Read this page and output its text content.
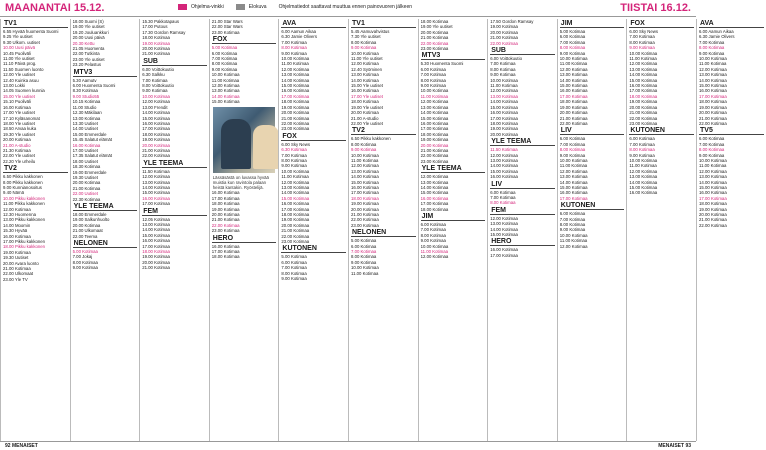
MAANANTAI 15.12.	Ohjelma-vinkki	Elokuva Ohjelmatiedot saattavat muuttua ennen painovuoren jälkeen	TIISTAI 16.12.
TV1
6.55 Hyvää huomenta Suomi
9.25 Yle uutiset
9.30 Ulkom. uutiset
10.00 Uusi päivä
10.45 Puoliväli
11.00 Yle uutiset
11.10 Päivä prog.
11.50 Suomen luonto
12.00 Yle uutiset
12.40 Kuinka asuu
13.00 Lokki
14.05 Suomen kunnia
15.00 Yle uutiset
15.10 Puoliväli
16.00 Kotimaa
17.00 Yle uutiset
17.10 Kyläsanomat
18.00 Yle uutiset
18.50 Arvaa kuka
19.30 Yle uutiset
20.00 Kotimaa
21.00 A-studio
21.30 Kotimaa
22.00 Yle uutiset
22.20 Yle urheilu
TV2
6.50 Pikku kakkonen
8.00 Pikku kakkonen
9.00 Kunnianosoitus
9.40 Nämä
10.00 Pikku kakkonen
11.00 Pikku kakkonen
12.00 Kotimaa
12.30 Huomenna
13.00 Pikku kakkonen
14.00 Moomin
15.30 Hyvää
16.00 Kotimaa
17.00 Pikku kakkonen
18.00 Pikku kakkonen
19.00 Kotimaa
19.30 Uutiset
20.00 Avara luonto
21.00 Kotimaa
22.00 Ulkomaat
23.00 Yle TV
18.00 Suomi (S)
19.00 Yle uutiset
19.20 Jouluankkuri
20.00 Uusi päivä
20.30 Kettu
21.05 Huomenta
22.00 Tutkinta
23.00 Yle uutiset
23.20 Pelastus
MTV3
5.30 Aamutv
6.00 Huomenta Suomi
8.30 Kotimaa
9.00 Studio55
10.15 Kotimaa
11.00 Studio
12.30 Mäkilaan
13.00 Kotimaa
13.30 Uutiset
14.00 Uutiset
15.00 Emmerdale
15.45 Salatut elämät
16.00 Kotimaa
17.00 Uutiset
17.35 Salatut elämät
18.00 Uutiset
18.30 Kotimaa
19.00 Emmerdale
19.30 Uutiset
20.00 Kotimaa
21.00 Kotimaa
22.00 Uutiset
22.30 Kotimaa
YLE TEEMA
18.00 Emmerdale
19.00 Salkunhuolto
20.00 Kotimaa
21.00 Ulkomaat
22.00 Teema
NELONEN
5.00 Kotimaa
7.00 Jokaj
8.00 Kotimaa
9.00 Kotimaa
15.30 Pakkotapaus
17.00 Putous
17.30 Gordon Ramsay
18.00 Kotimaa
19.00 Kotimaa
20.00 Kotimaa
21.00 Kotimaa
SUB
6.00 Voittokuutio
6.30 Salkku
7.00 Kotimaa
8.00 Voittokuutio
9.00 Kotimaa
10.00 Kotimaa
12.00 Kotimaa
13.00 Frendit
14.00 Kotimaa
15.00 Kotimaa
16.00 Kotimaa
17.00 Kotimaa
18.00 Kotimaa
19.00 Kotimaa
20.00 Kotimaa
21.00 Kotimaa
22.00 Kotimaa
YLE TEEMA
11.50 Kotimaa
12.00 Kotimaa
13.00 Kotimaa
14.00 Kotimaa
15.00 Kotimaa
16.00 Kotimaa
17.00 Kotimaa
FEM
12.05 Kotimaa
13.00 Kotimaa
14.00 Kotimaa
15.00 Kotimaa
16.00 Kotimaa
17.00 Kotimaa
18.00 Kotimaa
19.00 Kotimaa
20.00 Kotimaa
21.00 Kotimaa
21.00 Star Wars
22.00 Star Wars
23.00 Kotimaa
FOX
5.00 Kotimaa
6.00 Kotimaa
7.00 Kotimaa
8.00 Kotimaa
9.00 Kotimaa
10.00 Kotimaa
11.00 Kotimaa
12.00 Kotimaa
13.00 Kotimaa
14.00 Kotimaa
15.00 Kotimaa
Lässäsästä on luvassa hyvää muistia kun ravintola palaan heistä kantakin. Ryöstelijä.
16.00 Kotimaa
17.00 Kotimaa
18.00 Kotimaa
19.00 Kotimaa
20.00 Kotimaa
21.00 Kotimaa
22.00 Kotimaa
23.00 Kotimaa
HERO
16.00 Kotimaa
17.00 Kotimaa
18.00 Kotimaa
AVA
6.00 Aamun Aikaa
6.30 Jamie Olivers
7.00 Kotimaa
8.00 Kotimaa
9.00 Kotimaa
10.00 Kotimaa
11.00 Kotimaa
12.00 Kotimaa
13.00 Kotimaa
14.00 Kotimaa
15.00 Kotimaa
16.00 Kotimaa
17.00 Kotimaa
18.00 Kotimaa
19.00 Kotimaa
20.00 Kotimaa
21.00 Kotimaa
22.00 Kotimaa
23.00 Kotimaa
FOX
6.00 Sky News
6.30 Kotimaa
7.00 Kotimaa
8.00 Kotimaa
9.00 Kotimaa
10.00 Kotimaa
11.00 Kotimaa
12.00 Kotimaa
13.00 Kotimaa
14.00 Kotimaa
15.00 Kotimaa
16.00 Kotimaa
17.00 Kotimaa
18.00 Kotimaa
19.00 Kotimaa
20.00 Kotimaa
21.00 Kotimaa
22.00 Kotimaa
23.00 Kotimaa
KUTONEN
5.00 Kotimaa
6.00 Kotimaa
7.00 Kotimaa
8.00 Kotimaa
9.00 Kotimaa
TV1
5.45 Aamuvahvistus
7.30 Yle uutiset
8.00 Kotimaa
9.00 Kotimaa
10.00 Kotimaa
11.00 Yle uutiset
12.00 Kotimaa
12.40 Syöminen
13.00 Kotimaa
14.00 Kotimaa
15.00 Yle uutiset
16.00 Kotimaa
17.00 Yle uutiset
18.00 Kotimaa
19.00 Yle uutiset
20.00 Kotimaa
21.00 A-studio
22.00 Yle uutiset
TV2
6.50 Pikku kakkonen
8.00 Kotimaa
9.00 Kotimaa
10.00 Kotimaa
11.00 Kotimaa
12.00 Kotimaa
13.00 Kotimaa
14.00 Kotimaa
15.00 Kotimaa
16.00 Kotimaa
17.00 Kotimaa
18.00 Kotimaa
19.00 Kotimaa
20.00 Kotimaa
21.00 Kotimaa
22.00 Kotimaa
23.00 Kotimaa
NELONEN
5.00 Kotimaa
6.00 Kotimaa
7.00 Kotimaa
8.00 Kotimaa
9.00 Kotimaa
10.00 Kotimaa
11.00 Kotimaa
18.00 Kotimaa
19.00 Yle uutiset
20.00 Kotimaa
21.00 Kotimaa
22.00 Kotimaa
23.00 Kotimaa
MTV3
5.30 Huomenta Suomi
6.00 Kotimaa
7.00 Kotimaa
8.00 Kotimaa
9.00 Kotimaa
10.00 Kotimaa
11.00 Kotimaa
12.00 Kotimaa
13.00 Kotimaa
14.00 Kotimaa
15.00 Kotimaa
16.00 Kotimaa
17.00 Kotimaa
18.00 Kotimaa
19.00 Kotimaa
20.00 Kotimaa
21.00 Kotimaa
22.00 Kotimaa
23.00 Kotimaa
YLE TEEMA
12.00 Kotimaa
13.00 Kotimaa
14.00 Kotimaa
15.00 Kotimaa
16.00 Kotimaa
17.00 Kotimaa
18.00 Kotimaa
JIM
6.00 Kotimaa
7.00 Kotimaa
8.00 Kotimaa
9.00 Kotimaa
10.00 Kotimaa
11.00 Kotimaa
12.00 Kotimaa
17.50 Gordon Ramsay
19.00 Kotimaa
20.00 Kotimaa
21.00 Kotimaa
22.00 Kotimaa
SUB
6.00 Voittokuutio
7.00 Kotimaa
8.00 Kotimaa
9.00 Kotimaa
10.00 Kotimaa
11.00 Kotimaa
12.00 Kotimaa
13.00 Kotimaa
14.00 Kotimaa
15.00 Kotimaa
16.00 Kotimaa
17.00 Kotimaa
18.00 Kotimaa
19.00 Kotimaa
20.00 Kotimaa
YLE TEEMA
11.50 Kotimaa
12.00 Kotimaa
13.00 Kotimaa
14.00 Kotimaa
15.00 Kotimaa
16.00 Kotimaa
LIV
6.00 Kotimaa
7.00 Kotimaa
8.00 Kotimaa
FEM
12.00 Kotimaa
13.00 Kotimaa
14.00 Kotimaa
15.00 Kotimaa
HERO
16.00 Kotimaa
17.00 Kotimaa
JIM
5.00 Kotimaa
6.00 Kotimaa
7.00 Kotimaa
8.00 Kotimaa
9.00 Kotimaa
10.00 Kotimaa
11.00 Kotimaa
12.00 Kotimaa
13.00 Kotimaa
14.00 Kotimaa
15.00 Kotimaa
16.00 Kotimaa
17.00 Kotimaa
18.00 Kotimaa
19.00 Kotimaa
20.00 Kotimaa
21.00 Kotimaa
22.00 Kotimaa
LIV
6.00 Kotimaa
7.00 Kotimaa
8.00 Kotimaa
9.00 Kotimaa
10.00 Kotimaa
11.00 Kotimaa
12.00 Kotimaa
13.00 Kotimaa
14.00 Kotimaa
15.00 Kotimaa
16.00 Kotimaa
17.00 Kotimaa
KUTONEN
6.00 Kotimaa
7.00 Kotimaa
8.00 Kotimaa
9.00 Kotimaa
10.00 Kotimaa
11.00 Kotimaa
12.00 Kotimaa
FOX
6.00 Sky News
7.00 Kotimaa
8.00 Kotimaa
9.00 Kotimaa
10.00 Kotimaa
11.00 Kotimaa
12.00 Kotimaa
13.00 Kotimaa
14.00 Kotimaa
15.00 Kotimaa
16.00 Kotimaa
17.00 Kotimaa
18.00 Kotimaa
19.00 Kotimaa
20.00 Kotimaa
21.00 Kotimaa
22.00 Kotimaa
23.00 Kotimaa
KUTONEN
6.00 Kotimaa
7.00 Kotimaa
8.00 Kotimaa
9.00 Kotimaa
10.00 Kotimaa
11.00 Kotimaa
12.00 Kotimaa
13.00 Kotimaa
14.00 Kotimaa
15.00 Kotimaa
16.00 Kotimaa
AVA
6.00 Aamun Aikaa
6.30 Jamie Olivers
7.00 Kotimaa
8.00 Kotimaa
9.00 Kotimaa
10.00 Kotimaa
11.00 Kotimaa
12.00 Kotimaa
13.00 Kotimaa
14.00 Kotimaa
15.00 Kotimaa
16.00 Kotimaa
17.00 Kotimaa
18.00 Kotimaa
19.00 Kotimaa
20.00 Kotimaa
21.00 Kotimaa
22.00 Kotimaa
TV5
6.00 Kotimaa
7.00 Kotimaa
8.00 Kotimaa
9.00 Kotimaa
10.00 Kotimaa
11.00 Kotimaa
12.00 Kotimaa
13.00 Kotimaa
14.00 Kotimaa
15.00 Kotimaa
16.00 Kotimaa
17.00 Kotimaa
18.00 Kotimaa
19.00 Kotimaa
20.00 Kotimaa
21.00 Kotimaa
22.00 Kotimaa
92 MENAISET	MENAISET 93
